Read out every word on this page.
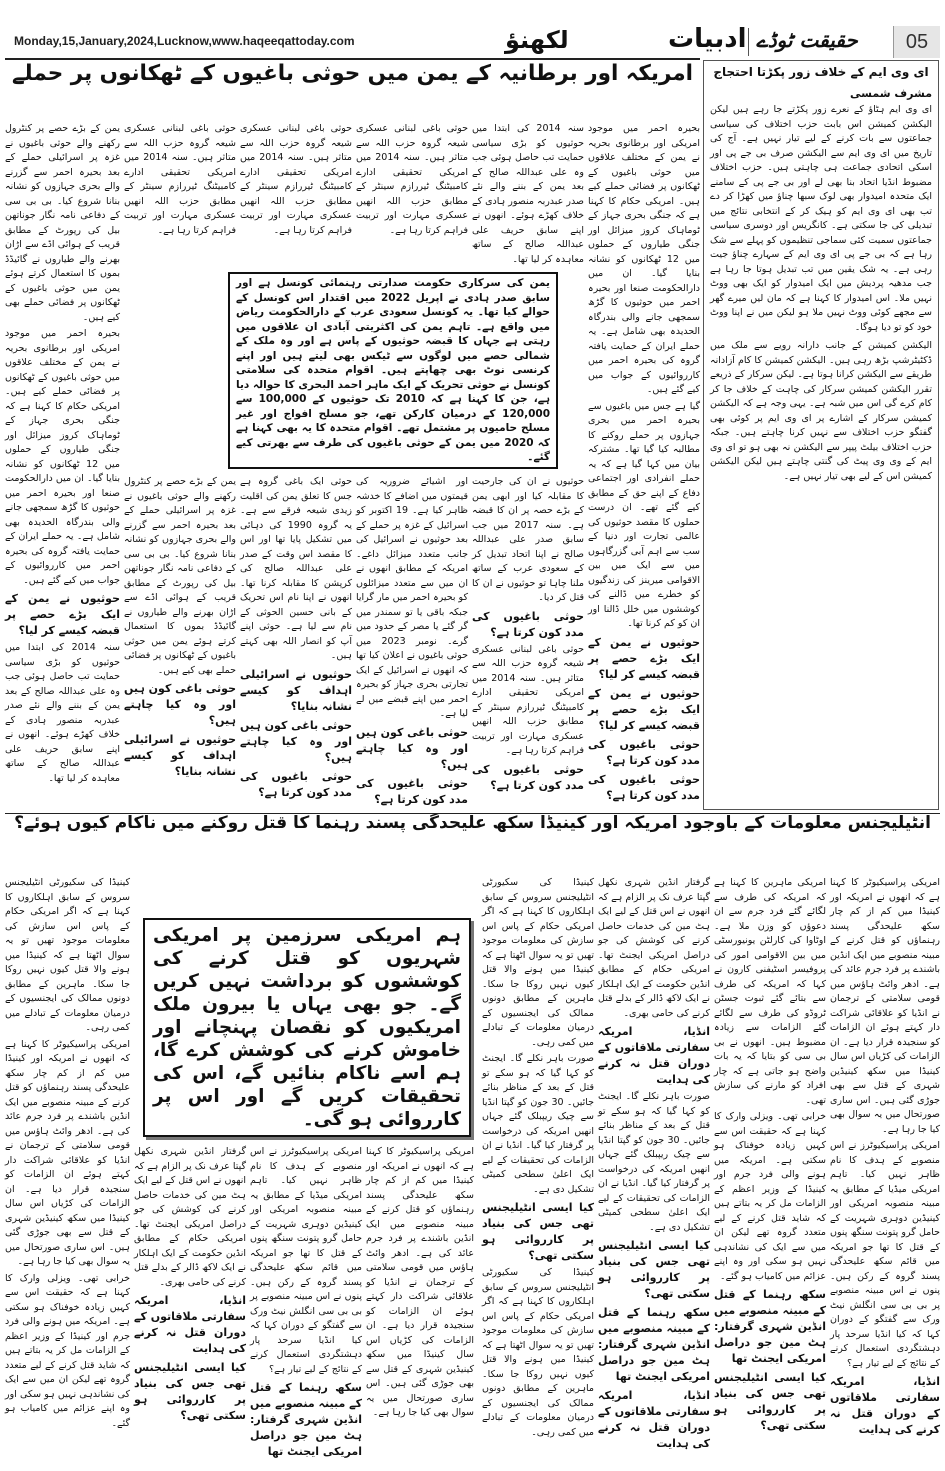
Monday,15,January,2024,Lucknow,www.haqeeqattoday.com	لکھنؤ	ادبیات حقیقت ٹوڈے	05
ای وی ایم کے خلاف زور پکڑتا احتجاج
مشرف شمسی

ای وی ایم ہٹاؤ کے نعرے زور پکڑتے جا رہے ہیں لیکن الیکشن کمیشن اس بابت حزب اختلاف کی سیاسی جماعتوں سے بات کرنے کے لیے تیار نہیں ہے۔ آج کی تاریخ میں ای وی ایم سے الیکشن صرف بی جے پی اور اسکی اتحادی جماعت ہی چاہتی ہیں۔ حزب اختلاف مضبوط انڈیا اتحاد بنا بھی لے اور بی جے پی کے سامنے ایک متحدہ امیدوار بھی لوک سبھا چناؤ میں کھڑا کر دے تب بھی ای وی ایم کو ہیک کر کے انتخابی نتائج میں تبدیلی کی جا سکتی ہے۔ کانگریس اور دوسری سیاسی جماعتوں سمیت کئی سماجی تنظیموں کو پہلے سے شک رہا ہے کہ بی جے پی ای وی ایم کے سہارے چناؤ جیت رہی ہے۔ یہ شک یقین میں تب تبدیل ہوتا جا رہا ہے جب مدھیہ پردیش میں ایک امیدوار کو ایک بھی ووٹ نہیں ملا۔ اس امیدوار کا کہنا ہے کہ مان لیں میرے گھر سے مجھے کوئی ووٹ نہیں ملا ہو لیکن میں نے اپنا ووٹ خود کو تو دیا ہوگا۔

الیکشن کمیشن کے جانب دارانہ رویے سے ملک میں ڈکٹیٹرشپ بڑھ رہی ہیں۔ الیکشن کمیشن کا کام آزادانہ طریقے سے الیکشن کرانا ہوتا ہے۔ لیکن سرکار کے ذریعے تقرر الیکشن کمیشن سرکار کی چاہت کے خلاف جا کر کام کرے گی اس میں شبہ ہے۔ یہی وجہ ہے کہ الیکشن کمیشن سرکار کے اشارے پر ای وی ایم پر کوئی بھی گفتگو حزب اختلاف سے نہیں کرنا چاہتے ہیں۔ جبکہ حزب اختلاف بیلٹ پیپر سے الیکشن نہ بھی ہو تو ای وی ایم کے وی وی پیٹ کی گنتی چاہتے ہیں لیکن الیکشن کمیشن اس کے لیے بھی تیار نہیں ہے۔

امریکہ اور برطانیہ کے یمن میں حوثی باغیوں کے ٹھکانوں پر حملے
یمن کی سرکاری حکومت صدارتی رہنمائی کونسل ہے اور سابق صدر ہادی نے اپریل 2022 میں اقتدار اس کونسل کے حوالے کیا تھا۔ یہ کونسل سعودی عرب کے دارالحکومت ریاض میں واقع ہے۔ تاہم یمن کی اکثریتی آبادی ان علاقوں میں رہتی ہے جہاں کا قبضہ حوثیوں کے پاس ہے اور وہ ملک کے شمالی حصے میں لوگوں سے ٹیکس بھی لیتے ہیں اور اپنے کرنسی نوٹ بھی چھاپتے ہیں۔ اقوام متحدہ کی سلامتی کونسل نے حوثی تحریک کے ایک ماہر احمد البحری کا حوالہ دیا ہے، جن کا کہنا ہے کہ 2010 تک حوثیوں کے 100,000 سے 120,000 کے درمیان کارکن تھے، جو مسلح افواج اور غیر مسلح حامیوں پر مشتمل تھے۔ اقوام متحدہ کا یہ بھی کہنا ہے کہ 2020 میں یمن کے حوثی باغیوں کی طرف سے بھرتی کیے گئے۔

بحیرہ احمر میں موجود امریکی اور برطانوی بحریہ نے یمن کے مختلف علاقوں میں حوثی باغیوں کے ٹھکانوں پر فضائی حملے کیے ہیں۔ امریکی حکام کا کہنا ہے کہ جنگی بحری جہاز کے ٹوماہاک کروز میزائل اور جنگی طیاروں کے حملوں میں 12 ٹھکانوں کو نشانہ بنایا گیا۔ ان میں دارالحکومت صنعا اور بحیرہ احمر میں حوثیوں کا گڑھ سمجھی جانے والی بندرگاہ الحدیدہ بھی شامل ہے۔ یہ حملے ایران کے حمایت یافتہ گروہ کی بحیرہ احمر میں کارروائیوں کے جواب میں کیے گئے ہیں۔

گیا ہے جس میں باغیوں سے بحیرہ احمر میں بحری جہازوں پر حملے روکنے کا مطالبہ کیا گیا تھا۔ مشترکہ بیان میں کہا گیا ہے کہ یہ حملے انفرادی اور اجتماعی دفاع کے اپنے حق کے مطابق کیے گئے تھے۔ ان درست حملوں کا مقصد حوثیوں کی عالمی تجارت اور دنیا کے سب سے اہم آبی گزرگاہوں میں سے ایک میں بین الاقوامی میرینز کی زندگیوں کو خطرے میں ڈالنے کی کوششوں میں خلل ڈالنا اور ان کو کم کرنا تھا۔

حوثیوں نے یمن کے ایک بڑے حصے پر قبضہ کیسے کر لیا؟
حوثیوں نے یمن کے ایک بڑے حصے پر قبضہ کیسے کر لیا؟
حوثی باغیوں کی مدد کون کرتا ہے؟
حوثی باغیوں کی مدد کون کرتا ہے؟

سنہ 2014 کی ابتدا میں حوثیوں کو بڑی سیاسی حمایت تب حاصل ہوئی جب وہ علی عبداللہ صالح کے بعد یمن کے بننے والے نئے صدر عبدربہ منصور ہادی کے خلاف کھڑے ہوئے۔ انھوں نے اپنے سابق حریف علی عبداللہ صالح کے ساتھ معاہدہ کر لیا تھا۔

حوثیوں نے ان کی جارحیت کا مقابلہ کیا اور ابھی یمن کے بڑے حصہ پر ان کا قبضہ ہے۔ سنہ 2017 میں جب سابق صدر علی عبداللہ صالح نے اپنا اتحاد تبدیل کر کے سعودی عرب کے ساتھ ملنا چاہا تو حوثیوں نے ان کا قتل کر دیا۔

حوثی باغیوں کی مدد کون کرتا ہے؟

حوثی باغی لبنانی عسکری شیعہ گروہ حزب اللہ سے متاثر ہیں۔ سنہ 2014 میں امریکی تحقیقی ادارے کامبیٹنگ ٹیررازم سینٹر کے مطابق حزب اللہ انھیں عسکری مہارت اور تربیت فراہم کرتا رہا ہے۔

حوثی باغیوں کی مدد کون کرتا ہے؟

حوثی باغی لبنانی عسکری شیعہ گروہ حزب اللہ سے متاثر ہیں۔ سنہ 2014 میں امریکی تحقیقی ادارے کامبیٹنگ ٹیررازم سینٹر کے مطابق حزب اللہ انھیں عسکری مہارت اور تربیت فراہم کرتا رہا ہے۔

اور اشیائے ضروریہ کی قیمتوں میں اضافے کا خدشہ ظاہر کیا ہے۔ 19 اکتوبر کو اسرائیل کے غزہ پر حملے کے بعد حوثیوں نے اسرائیل کی جانب متعدد میزائل داغے۔ امریکہ کے مطابق انھوں نے ان میں سے متعدد میزائلوں کو بحیرہ احمر میں مار گرایا جبکہ باقی یا تو سمندر میں گر گئے یا مصر کے حدود میں گرے۔ نومبر 2023 میں حوثی باغیوں نے اعلان کیا تھا کہ انھوں نے اسرائیل کے ایک تجارتی بحری جہاز کو بحیرہ احمر میں اپنے قبضے میں لے لیا ہے۔

حوثی باغی کون ہیں اور وہ کیا چاہتے ہیں؟
حوثی باغیوں کی مدد کون کرتا ہے؟

حوثی باغی لبنانی عسکری شیعہ گروہ حزب اللہ سے متاثر ہیں۔ سنہ 2014 میں امریکی تحقیقی ادارے کامبیٹنگ ٹیررازم سینٹر کے مطابق حزب اللہ انھیں عسکری مہارت اور تربیت فراہم کرتا رہا ہے۔

حوثی ایک باغی گروہ ہے جس کا تعلق یمن کی اقلیت زیدی شیعہ فرقے سے ہے۔ یہ گروہ 1990 کی دہائی میں تشکیل پایا تھا اور اس کا مقصد اس وقت کے صدر علی عبداللہ صالح کی کرپشن کا مقابلہ کرنا تھا۔ انھوں نے اپنا نام اس تحریک کے بانی حسین الحوثی کے نام سے لیا ہے۔ حوثی اپنے آپ کو انصار اللہ بھی کہتے ہیں۔

حوثیوں نے اسرائیلی اہداف کو کیسے نشانہ بنایا؟
حوثی باغی کون ہیں اور وہ کیا چاہتے ہیں؟
حوثی باغیوں کی مدد کون کرتا ہے؟

حوثی باغی لبنانی عسکری شیعہ گروہ حزب اللہ سے متاثر ہیں۔ سنہ 2014 میں امریکی تحقیقی ادارے کامبیٹنگ ٹیررازم سینٹر کے مطابق حزب اللہ انھیں عسکری مہارت اور تربیت فراہم کرتا رہا ہے۔

یمن کے بڑے حصے پر کنٹرول رکھنے والے حوثی باغیوں نے غزہ پر اسرائیلی حملے کے بعد بحیرہ احمر سے گزرنے والے بحری جہازوں کو نشانہ بنانا شروع کیا۔ بی بی سی کے دفاعی نامہ نگار جوناتھن بیل کی رپورٹ کے مطابق قریب کے ہوائی اڈے سے اڑان بھرنے والے طیاروں نے گائیڈڈ بموں کا استعمال کرتے ہوئے یمن میں حوثی باغیوں کے ٹھکانوں پر فضائی حملے بھی کیے ہیں۔

حوثی باغی کون ہیں اور وہ کیا چاہتے ہیں؟
حوثیوں نے اسرائیلی اہداف کو کیسے نشانہ بنایا؟

یمن کے بڑے حصے پر کنٹرول رکھنے والے حوثی باغیوں نے غزہ پر اسرائیلی حملے کے بعد بحیرہ احمر سے گزرنے والے بحری جہازوں کو نشانہ بنانا شروع کیا۔ بی بی سی کے دفاعی نامہ نگار جوناتھن بیل کی رپورٹ کے مطابق قریب کے ہوائی اڈے سے اڑان بھرنے والے طیاروں نے گائیڈڈ بموں کا استعمال کرتے ہوئے یمن میں حوثی باغیوں کے ٹھکانوں پر فضائی حملے بھی کیے ہیں۔

بحیرہ احمر میں موجود امریکی اور برطانوی بحریہ نے یمن کے مختلف علاقوں میں حوثی باغیوں کے ٹھکانوں پر فضائی حملے کیے ہیں۔ امریکی حکام کا کہنا ہے کہ جنگی بحری جہاز کے ٹوماہاک کروز میزائل اور جنگی طیاروں کے حملوں میں 12 ٹھکانوں کو نشانہ بنایا گیا۔ ان میں دارالحکومت صنعا اور بحیرہ احمر میں حوثیوں کا گڑھ سمجھی جانے والی بندرگاہ الحدیدہ بھی شامل ہے۔ یہ حملے ایران کے حمایت یافتہ گروہ کی بحیرہ احمر میں کارروائیوں کے جواب میں کیے گئے ہیں۔

حوثیوں نے یمن کے ایک بڑے حصے پر قبضہ کیسے کر لیا؟

سنہ 2014 کی ابتدا میں حوثیوں کو بڑی سیاسی حمایت تب حاصل ہوئی جب وہ علی عبداللہ صالح کے بعد یمن کے بننے والے نئے صدر عبدربہ منصور ہادی کے خلاف کھڑے ہوئے۔ انھوں نے اپنے سابق حریف علی عبداللہ صالح کے ساتھ معاہدہ کر لیا تھا۔

انٹیلیجنس معلومات کے باوجود امریکہ اور کینیڈا سکھ علیحدگی پسند رہنما کا قتل روکنے میں ناکام کیوں ہوئے؟
ہم امریکی سرزمین پر امریکی شہریوں کو قتل کرنے کی کوششوں کو برداشت نہیں کریں گے۔ جو بھی یہاں یا بیرون ملک امریکیوں کو نقصان پہنچانے اور خاموش کرنے کی کوشش کرے گا، ہم اسے ناکام بنائیں گے، اس کی تحقیقات کریں گے اور اس پر کارروائی ہو گی۔

امریکی پراسیکیوٹر کا کہنا ہے کہ انھوں نے امریکہ اور کینیڈا میں کم از کم چار سکھ علیحدگی پسند رہنماؤں کو قتل کرنے کے مبینہ منصوبے میں ایک انڈین باشندے پر فرد جرم عائد کی ہے۔ ادھر وائٹ ہاؤس میں قومی سلامتی کے ترجمان نے انڈیا کو علاقائی شراکت دار کہتے ہوئے ان الزامات کو سنجیدہ قرار دیا ہے۔ ان الزامات کی کڑیاں اس سال کینیڈا میں سکھ کینیڈین شہری کے قتل سے بھی جوڑی گئی ہیں۔ اس ساری صورتحال میں یہ سوال بھی کیا جا رہا ہے۔

امریکی پراسیکیوٹرز نے اس منصوبے کے ہدف کا نام ظاہر نہیں کیا۔ تاہم امریکی میڈیا کے مطابق یہ مبینہ منصوبہ امریکی اور کینیڈین دوہری شہریت کے حامل گرو پتونت سنگھ پنوں کے قتل کا تھا جو امریکہ میں قائم سکھ علیحدگی پسند گروہ کے رکن ہیں۔ پنوں نے اس مبینہ منصوبے پر بی بی سی انگلش نیٹ ورک سے گفتگو کے دوران کہا کہ کیا انڈیا سرحد پار دہشتگردی استعمال کرنے کے نتائج کے لیے تیار ہے؟

انڈیا، امریکہ سفارتی ملاقاتوں کے دوران قتل نہ کرنے کی ہدایت

امریکی ماہرین کا کہنا ہے کہ امریکہ کی طرف سے لگائے گئے فرد جرم سے ان دعوؤں کو وزن ملا ہے۔ اوٹاوا کی کارلٹن یونیورسٹی میں بین الاقوامی امور کی پروفیسر اسٹیفنی کارون نے کہا کہ امریکہ کی طرف سے بتائے گئے ثبوت جسٹن ٹروڈو کی طرف سے لگائے گئے الزامات سے زیادہ مضبوط ہیں۔ انھوں نے بی بی سی کو بتایا کہ یہ بات واضح ہو جاتی ہے کہ چار افراد کو مارنے کی سازش تھی۔

خرابی تھی۔ ویزلی وارک کا کہنا ہے کہ حقیقت اس سے کہیں زیادہ خوفناک ہو سکتی ہے۔ امریکہ میں ہونے والی فرد جرم اور کینیڈا کے وزیر اعظم کے الزامات مل کر یہ بتاتے ہیں کہ شاید قتل کرنے کے لیے متعدد گروہ تھے لیکن ان میں سے ایک کی نشاندہی نہیں ہو سکی اور وہ اپنے عزائم میں کامیاب ہو گئے۔

سکھ رہنما کے قتل کے مبینہ منصوبے میں انڈین شہری گرفتار: ہٹ مین جو دراصل امریکی ایجنٹ تھا
کیا ایسی انٹیلیجنس تھی جس کی بنیاد پر کارروائی ہو سکتی تھی؟

گرفتار انڈین شہری نکھل گپتا عرف نک پر الزام ہے کہ انھوں نے اس قتل کے لیے ایک ہٹ مین کی خدمات حاصل کرنے کی کوشش کی جو دراصل امریکی ایجنٹ تھا۔ امریکی حکام کے مطابق انڈین حکومت کے ایک اہلکار نے ایک لاکھ ڈالر کے بدلے قتل کرنے کی حامی بھری۔

انڈیا، امریکہ سفارتی ملاقاتوں کے دوران قتل نہ کرنے کی ہدایت

صورت باہر نکلے گا۔ ایجنٹ کو کہا گیا کہ ہو سکے تو قتل کے بعد کے مناظر بنائے جائیں۔ 30 جون کو گپتا انڈیا سے چیک ریپبلک گئے جہاں انھیں امریکہ کی درخواست پر گرفتار کیا گیا۔ انڈیا نے ان الزامات کی تحقیقات کے لیے ایک اعلیٰ سطحی کمیٹی تشکیل دی ہے۔

کیا ایسی انٹیلیجنس تھی جس کی بنیاد پر کارروائی ہو سکتی تھی؟
سکھ رہنما کے قتل کے مبینہ منصوبے میں انڈین شہری گرفتار: ہٹ مین جو دراصل امریکی ایجنٹ تھا
انڈیا، امریکہ سفارتی ملاقاتوں کے دوران قتل نہ کرنے کی ہدایت

کینیڈا کی سکیورٹی انٹیلیجنس سروس کے سابق اہلکاروں کا کہنا ہے کہ اگر امریکی حکام کے پاس اس سازش کی معلومات موجود تھیں تو یہ سوال اٹھتا ہے کہ کینیڈا میں ہونے والا قتل کیوں نہیں روکا جا سکا۔ ماہرین کے مطابق دونوں ممالک کی ایجنسیوں کے درمیان معلومات کے تبادلے میں کمی رہی۔

صورت باہر نکلے گا۔ ایجنٹ کو کہا گیا کہ ہو سکے تو قتل کے بعد کے مناظر بنائے جائیں۔ 30 جون کو گپتا انڈیا سے چیک ریپبلک گئے جہاں انھیں امریکہ کی درخواست پر گرفتار کیا گیا۔ انڈیا نے ان الزامات کی تحقیقات کے لیے ایک اعلیٰ سطحی کمیٹی تشکیل دی ہے۔

کیا ایسی انٹیلیجنس تھی جس کی بنیاد پر کارروائی ہو سکتی تھی؟

کینیڈا کی سکیورٹی انٹیلیجنس سروس کے سابق اہلکاروں کا کہنا ہے کہ اگر امریکی حکام کے پاس اس سازش کی معلومات موجود تھیں تو یہ سوال اٹھتا ہے کہ کینیڈا میں ہونے والا قتل کیوں نہیں روکا جا سکا۔ ماہرین کے مطابق دونوں ممالک کی ایجنسیوں کے درمیان معلومات کے تبادلے میں کمی رہی۔

امریکی پراسیکیوٹر کا کہنا ہے کہ انھوں نے امریکہ اور کینیڈا میں کم از کم چار سکھ علیحدگی پسند رہنماؤں کو قتل کرنے کے مبینہ منصوبے میں ایک انڈین باشندے پر فرد جرم عائد کی ہے۔ ادھر وائٹ ہاؤس میں قومی سلامتی کے ترجمان نے انڈیا کو علاقائی شراکت دار کہتے ہوئے ان الزامات کو سنجیدہ قرار دیا ہے۔ ان الزامات کی کڑیاں اس سال کینیڈا میں سکھ کینیڈین شہری کے قتل سے بھی جوڑی گئی ہیں۔ اس ساری صورتحال میں یہ سوال بھی کیا جا رہا ہے۔

امریکی پراسیکیوٹرز نے اس منصوبے کے ہدف کا نام ظاہر نہیں کیا۔ تاہم امریکی میڈیا کے مطابق یہ مبینہ منصوبہ امریکی اور کینیڈین دوہری شہریت کے حامل گرو پتونت سنگھ پنوں کے قتل کا تھا جو امریکہ میں قائم سکھ علیحدگی پسند گروہ کے رکن ہیں۔ پنوں نے اس مبینہ منصوبے پر بی بی سی انگلش نیٹ ورک سے گفتگو کے دوران کہا کہ کیا انڈیا سرحد پار دہشتگردی استعمال کرنے کے نتائج کے لیے تیار ہے؟

سکھ رہنما کے قتل کے مبینہ منصوبے میں انڈین شہری گرفتار: ہٹ مین جو دراصل امریکی ایجنٹ تھا

گرفتار انڈین شہری نکھل گپتا عرف نک پر الزام ہے کہ انھوں نے اس قتل کے لیے ایک ہٹ مین کی خدمات حاصل کرنے کی کوشش کی جو دراصل امریکی ایجنٹ تھا۔ امریکی حکام کے مطابق انڈین حکومت کے ایک اہلکار نے ایک لاکھ ڈالر کے بدلے قتل کرنے کی حامی بھری۔

انڈیا، امریکہ سفارتی ملاقاتوں کے دوران قتل نہ کرنے کی ہدایت
کیا ایسی انٹیلیجنس تھی جس کی بنیاد پر کارروائی ہو سکتی تھی؟

کینیڈا کی سکیورٹی انٹیلیجنس سروس کے سابق اہلکاروں کا کہنا ہے کہ اگر امریکی حکام کے پاس اس سازش کی معلومات موجود تھیں تو یہ سوال اٹھتا ہے کہ کینیڈا میں ہونے والا قتل کیوں نہیں روکا جا سکا۔ ماہرین کے مطابق دونوں ممالک کی ایجنسیوں کے درمیان معلومات کے تبادلے میں کمی رہی۔

امریکی پراسیکیوٹر کا کہنا ہے کہ انھوں نے امریکہ اور کینیڈا میں کم از کم چار سکھ علیحدگی پسند رہنماؤں کو قتل کرنے کے مبینہ منصوبے میں ایک انڈین باشندے پر فرد جرم عائد کی ہے۔ ادھر وائٹ ہاؤس میں قومی سلامتی کے ترجمان نے انڈیا کو علاقائی شراکت دار کہتے ہوئے ان الزامات کو سنجیدہ قرار دیا ہے۔ ان الزامات کی کڑیاں اس سال کینیڈا میں سکھ کینیڈین شہری کے قتل سے بھی جوڑی گئی ہیں۔ اس ساری صورتحال میں یہ سوال بھی کیا جا رہا ہے۔

خرابی تھی۔ ویزلی وارک کا کہنا ہے کہ حقیقت اس سے کہیں زیادہ خوفناک ہو سکتی ہے۔ امریکہ میں ہونے والی فرد جرم اور کینیڈا کے وزیر اعظم کے الزامات مل کر یہ بتاتے ہیں کہ شاید قتل کرنے کے لیے متعدد گروہ تھے لیکن ان میں سے ایک کی نشاندہی نہیں ہو سکی اور وہ اپنے عزائم میں کامیاب ہو گئے۔
